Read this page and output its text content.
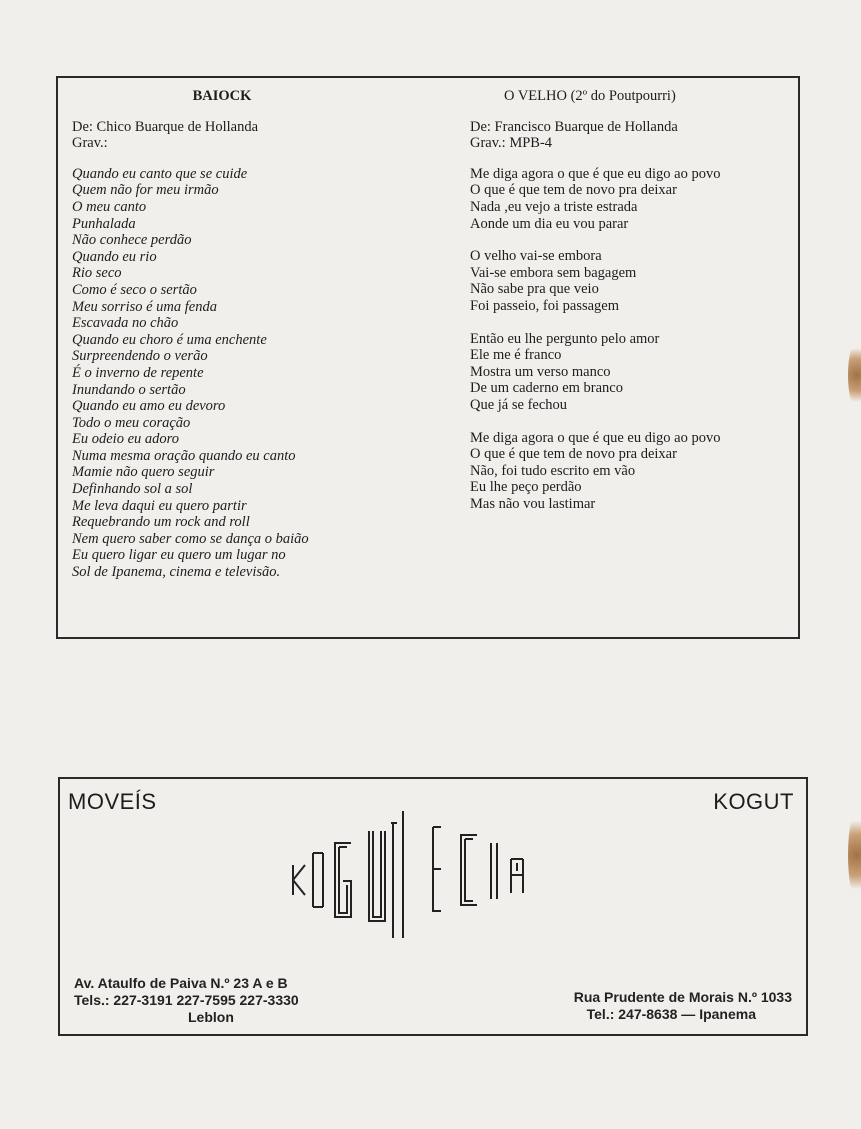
BAIOCK
De: Chico Buarque de Hollanda
Grav.:
Quando eu canto que se cuide
Quem não for meu irmão
O meu canto
Punhalada
Não conhece perdão
Quando eu rio
Rio seco
Como é seco o sertão
Meu sorriso é uma fenda
Escavada no chão
Quando eu choro é uma enchente
Surpreendendo o verão
É o inverno de repente
Inundando o sertão
Quando eu amo eu devoro
Todo o meu coração
Eu odeio eu adoro
Numa mesma oração quando eu canto
Mamie não quero seguir
Definhando sol a sol
Me leva daqui eu quero partir
Requebrando um rock and roll
Nem quero saber como se dança o baião
Eu quero ligar eu quero um lugar no
Sol de Ipanema, cinema e televisão.
O VELHO (2º do Poutpourri)
De: Francisco Buarque de Hollanda
Grav.: MPB-4
Me diga agora o que é que eu digo ao povo
O que é que tem de novo pra deixar
Nada ,eu vejo a triste estrada
Aonde um dia eu vou parar
O velho vai-se embora
Vai-se embora sem bagagem
Não sabe pra que veio
Foi passeio, foi passagem
Então eu lhe pergunto pelo amor
Ele me é franco
Mostra um verso manco
De um caderno em branco
Que já se fechou
Me diga agora o que é que eu digo ao povo
O que é que tem de novo pra deixar
Não, foi tudo escrito em vão
Eu lhe peço perdão
Mas não vou lastimar
MOVEÍS	KOGUT
Av. Ataulfo de Paiva N.º 23 A e B
Tels.: 227-3191 227-7595 227-3330
Leblon
Rua Prudente de Morais N.º 1033
Tel.: 247-8638 — Ipanema
